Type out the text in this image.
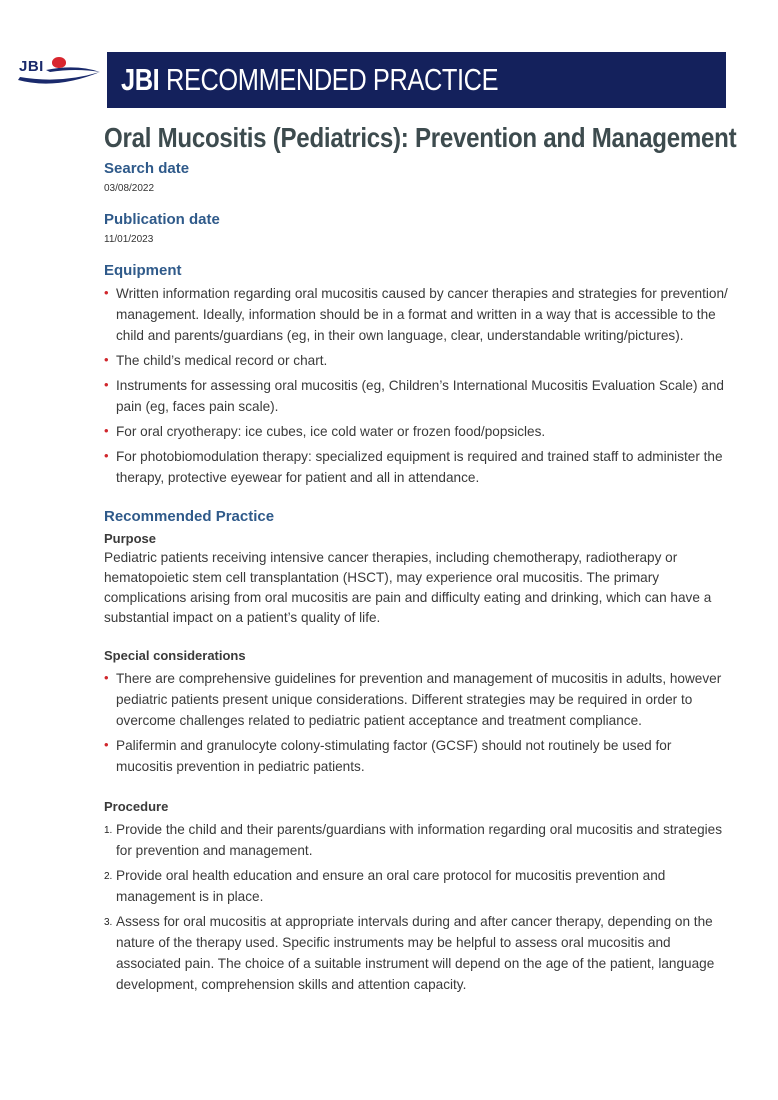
JBI JBI RECOMMENDED PRACTICE
Oral Mucositis (Pediatrics): Prevention and Management
Search date
03/08/2022
Publication date
11/01/2023
Equipment
• Written information regarding oral mucositis caused by cancer therapies and strategies for prevention/ management. Ideally, information should be in a format and written in a way that is accessible to the child and parents/guardians (eg, in their own language, clear, understandable writing/pictures).
• The child’s medical record or chart.
• Instruments for assessing oral mucositis (eg, Children’s International Mucositis Evaluation Scale) and pain (eg, faces pain scale).
• For oral cryotherapy: ice cubes, ice cold water or frozen food/popsicles.
• For photobiomodulation therapy: specialized equipment is required and trained staff to administer the therapy, protective eyewear for patient and all in attendance.
Recommended Practice
Purpose

Pediatric patients receiving intensive cancer therapies, including chemotherapy, radiotherapy or hematopoietic stem cell transplantation (HSCT), may experience oral mucositis. The primary complications arising from oral mucositis are pain and difficulty eating and drinking, which can have a substantial impact on a patient’s quality of life.

Special considerations
• There are comprehensive guidelines for prevention and management of mucositis in adults, however pediatric patients present unique considerations. Different strategies may be required in order to overcome challenges related to pediatric patient acceptance and treatment compliance.
• Palifermin and granulocyte colony-stimulating factor (GCSF) should not routinely be used for mucositis prevention in pediatric patients.
Procedure
1. Provide the child and their parents/guardians with information regarding oral mucositis and strategies for prevention and management.
2. Provide oral health education and ensure an oral care protocol for mucositis prevention and management is in place.
3. Assess for oral mucositis at appropriate intervals during and after cancer therapy, depending on the nature of the therapy used. Specific instruments may be helpful to assess oral mucositis and associated pain. The choice of a suitable instrument will depend on the age of the patient, language development, comprehension skills and attention capacity.
